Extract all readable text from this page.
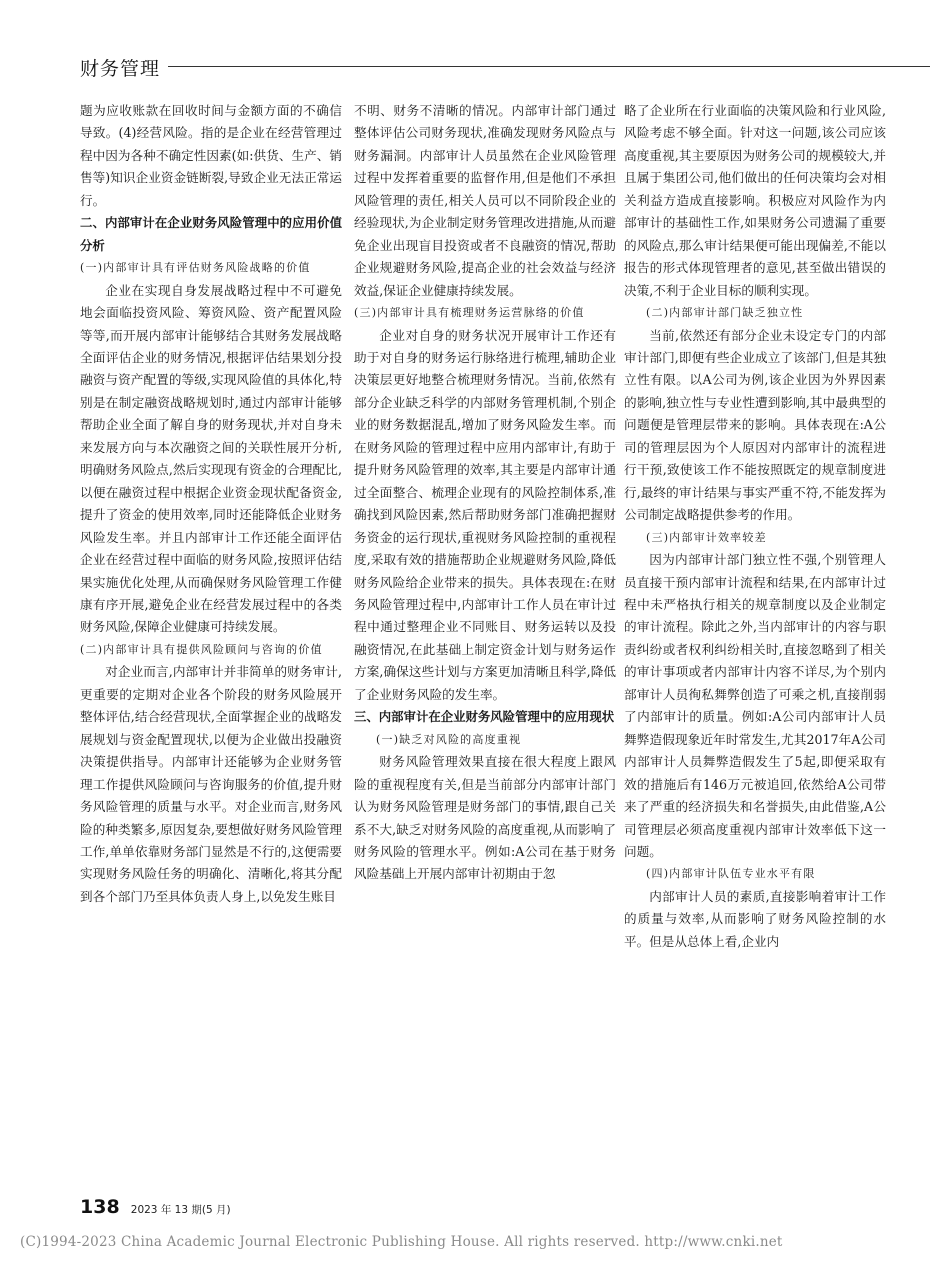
财务管理

题为应收账款在回收时间与金额方面的不确信导致。(4)经营风险。指的是企业在经营管理过程中因为各种不确定性因素(如:供货、生产、销售等)知识企业资金链断裂,导致企业无法正常运行。

二、内部审计在企业财务风险管理中的应用价值分析

(一)内部审计具有评估财务风险战略的价值

企业在实现自身发展战略过程中不可避免地会面临投资风险、筹资风险、资产配置风险等等,而开展内部审计能够结合其财务发展战略全面评估企业的财务情况,根据评估结果划分投融资与资产配置的等级,实现风险值的具体化,特别是在制定融资战略规划时,通过内部审计能够帮助企业全面了解自身的财务现状,并对自身未来发展方向与本次融资之间的关联性展开分析,明确财务风险点,然后实现现有资金的合理配比,以便在融资过程中根据企业资金现状配备资金,提升了资金的使用效率,同时还能降低企业财务风险发生率。并且内部审计工作还能全面评估企业在经营过程中面临的财务风险,按照评估结果实施优化处理,从而确保财务风险管理工作健康有序开展,避免企业在经营发展过程中的各类财务风险,保障企业健康可持续发展。

(二)内部审计具有提供风险顾问与咨询的价值

对企业而言,内部审计并非简单的财务审计,更重要的定期对企业各个阶段的财务风险展开整体评估,结合经营现状,全面掌握企业的战略发展规划与资金配置现状,以便为企业做出投融资决策提供指导。内部审计还能够为企业财务管理工作提供风险顾问与咨询服务的价值,提升财务风险管理的质量与水平。对企业而言,财务风险的种类繁多,原因复杂,要想做好财务风险管理工作,单单依靠财务部门显然是不行的,这便需要实现财务风险任务的明确化、清晰化,将其分配到各个部门乃至具体负责人身上,以免发生账目

不明、财务不清晰的情况。内部审计部门通过整体评估公司财务现状,准确发现财务风险点与财务漏洞。内部审计人员虽然在企业风险管理过程中发挥着重要的监督作用,但是他们不承担风险管理的责任,相关人员可以不同阶段企业的经验现状,为企业制定财务管理改进措施,从而避免企业出现盲目投资或者不良融资的情况,帮助企业规避财务风险,提高企业的社会效益与经济效益,保证企业健康持续发展。

(三)内部审计具有梳理财务运营脉络的价值

企业对自身的财务状况开展审计工作还有助于对自身的财务运行脉络进行梳理,辅助企业决策层更好地整合梳理财务情况。当前,依然有部分企业缺乏科学的内部财务管理机制,个别企业的财务数据混乱,增加了财务风险发生率。而在财务风险的管理过程中应用内部审计,有助于提升财务风险管理的效率,其主要是内部审计通过全面整合、梳理企业现有的风险控制体系,准确找到风险因素,然后帮助财务部门准确把握财务资金的运行现状,重视财务风险控制的重视程度,采取有效的措施帮助企业规避财务风险,降低财务风险给企业带来的损失。具体表现在:在财务风险管理过程中,内部审计工作人员在审计过程中通过整理企业不同账目、财务运转以及投融资情况,在此基础上制定资金计划与财务运作方案,确保这些计划与方案更加清晰且科学,降低了企业财务风险的发生率。

三、内部审计在企业财务风险管理中的应用现状

(一)缺乏对风险的高度重视

财务风险管理效果直接在很大程度上跟风险的重视程度有关,但是当前部分内部审计部门认为财务风险管理是财务部门的事情,跟自己关系不大,缺乏对财务风险的高度重视,从而影响了财务风险的管理水平。例如:A公司在基于财务风险基础上开展内部审计初期由于忽

略了企业所在行业面临的决策风险和行业风险,风险考虑不够全面。针对这一问题,该公司应该高度重视,其主要原因为财务公司的规模较大,并且属于集团公司,他们做出的任何决策均会对相关利益方造成直接影响。积极应对风险作为内部审计的基础性工作,如果财务公司遗漏了重要的风险点,那么审计结果便可能出现偏差,不能以报告的形式体现管理者的意见,甚至做出错误的决策,不利于企业目标的顺利实现。

(二)内部审计部门缺乏独立性

当前,依然还有部分企业未设定专门的内部审计部门,即便有些企业成立了该部门,但是其独立性有限。以A公司为例,该企业因为外界因素的影响,独立性与专业性遭到影响,其中最典型的问题便是管理层带来的影响。具体表现在:A公司的管理层因为个人原因对内部审计的流程进行干预,致使该工作不能按照既定的规章制度进行,最终的审计结果与事实严重不符,不能发挥为公司制定战略提供参考的作用。

(三)内部审计效率较差

因为内部审计部门独立性不强,个别管理人员直接干预内部审计流程和结果,在内部审计过程中未严格执行相关的规章制度以及企业制定的审计流程。除此之外,当内部审计的内容与职责纠纷或者权利纠纷相关时,直接忽略到了相关的审计事项或者内部审计内容不详尽,为个别内部审计人员徇私舞弊创造了可乘之机,直接削弱了内部审计的质量。例如:A公司内部审计人员舞弊造假现象近年时常发生,尤其2017年A公司内部审计人员舞弊造假发生了5起,即便采取有效的措施后有146万元被追回,依然给A公司带来了严重的经济损失和名誉损失,由此借鉴,A公司管理层必须高度重视内部审计效率低下这一问题。

(四)内部审计队伍专业水平有限

内部审计人员的素质,直接影响着审计工作的质量与效率,从而影响了财务风险控制的水平。但是从总体上看,企业内

138 2023 年 13 期(5 月)
(C)1994-2023 China Academic Journal Electronic Publishing House. All rights reserved. http://www.cnki.net
